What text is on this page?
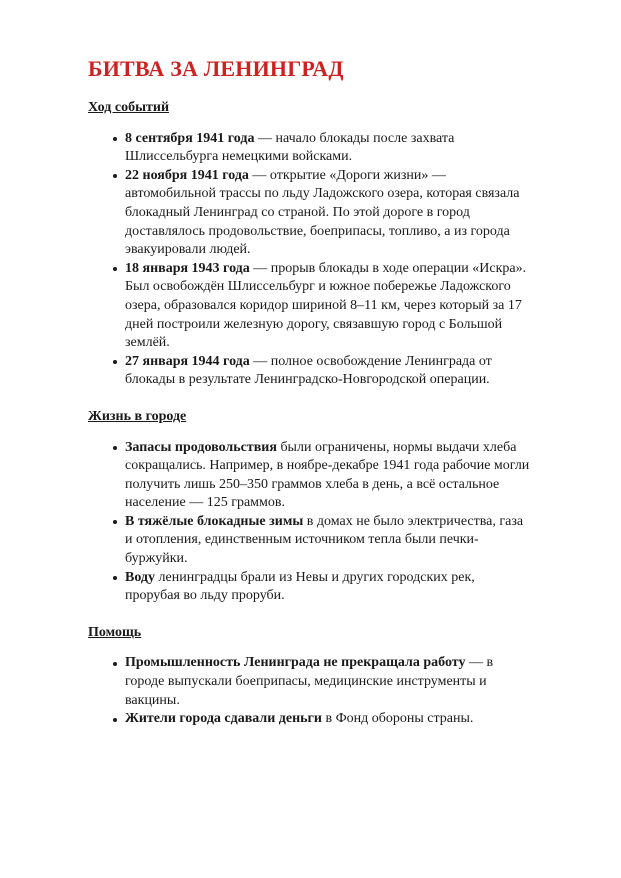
БИТВА ЗА ЛЕНИНГРАД
Ход событий
8 сентября 1941 года — начало блокады после захвата Шлиссельбурга немецкими войсками.
22 ноября 1941 года — открытие «Дороги жизни» — автомобильной трассы по льду Ладожского озера, которая связала блокадный Ленинград со страной. По этой дороге в город доставлялось продовольствие, боеприпасы, топливо, а из города эвакуировали людей.
18 января 1943 года — прорыв блокады в ходе операции «Искра». Был освобождён Шлиссельбург и южное побережье Ладожского озера, образовался коридор шириной 8–11 км, через который за 17 дней построили железную дорогу, связавшую город с Большой землёй.
27 января 1944 года — полное освобождение Ленинграда от блокады в результате Ленинградско-Новгородской операции.
Жизнь в городе
Запасы продовольствия были ограничены, нормы выдачи хлеба сокращались. Например, в ноябре-декабре 1941 года рабочие могли получить лишь 250–350 граммов хлеба в день, а всё остальное население — 125 граммов.
В тяжёлые блокадные зимы в домах не было электричества, газа и отопления, единственным источником тепла были печки-буржуйки.
Воду ленинградцы брали из Невы и других городских рек, прорубая во льду проруби.
Помощь
Промышленность Ленинграда не прекращала работу — в городе выпускали боеприпасы, медицинские инструменты и вакцины.
Жители города сдавали деньги в Фонд обороны страны.
